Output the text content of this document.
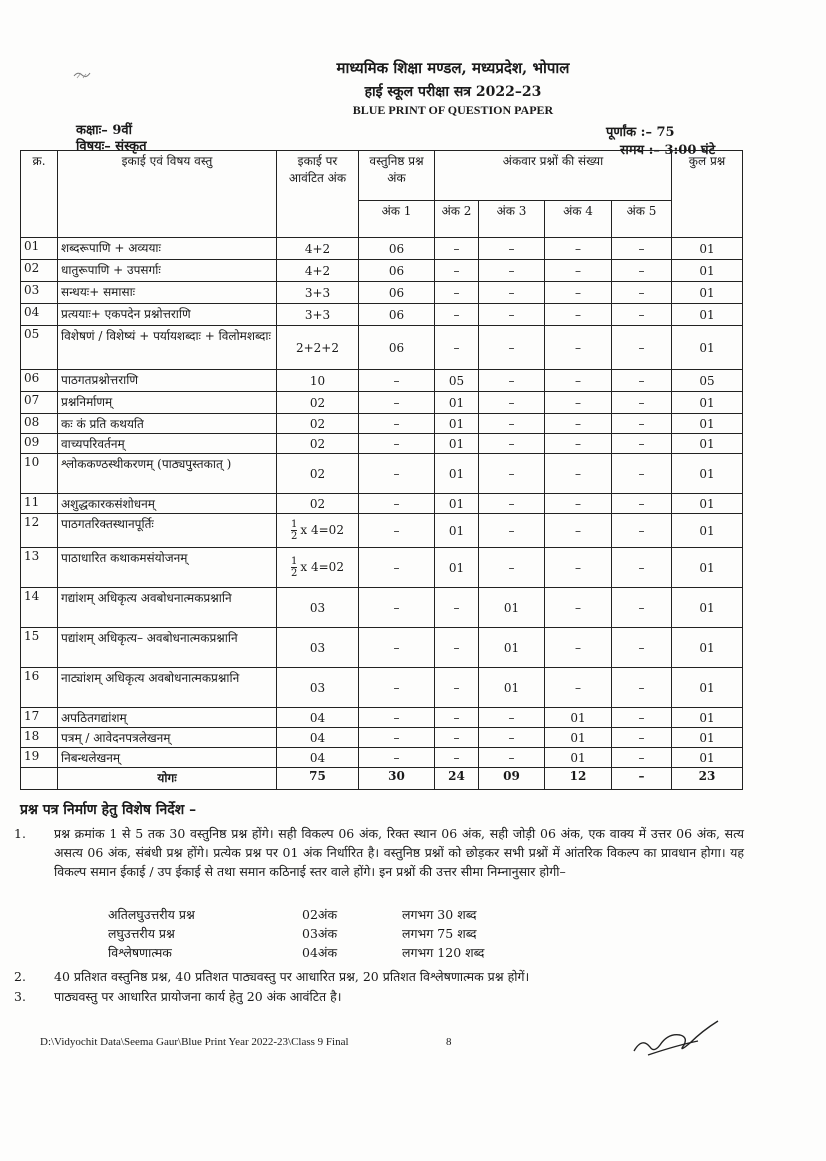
माध्यमिक शिक्षा मण्डल, मध्यप्रदेश, भोपाल
हाई स्कूल परीक्षा सत्र 2022–23
BLUE PRINT OF QUESTION PAPER
कक्षाः– 9वीं
विषयः– संस्कृत
पूर्णांक :– 75
समय :– 3:00 घंटे
क्र.	इकाई एवं विषय वस्तु	इकाई पर आवंटित अंक	वस्तुनिष्ठ प्रश्न अंक	अंकवार प्रश्नों की संख्या				कुल प्रश्न
			अंक 1	अंक 2	अंक 3	अंक 4	अंक 5	
01	शब्दरूपाणि + अव्ययाः	4+2	06	–	–	–	–	01
02	धातुरूपाणि + उपसर्गाः	4+2	06	–	–	–	–	01
03	सन्धयः+ समासाः	3+3	06	–	–	–	–	01
04	प्रत्ययाः+ एकपदेन प्रश्नोत्तराणि	3+3	06	–	–	–	–	01
05	विशेषणं / विशेष्यं + पर्यायशब्दाः + विलोमशब्दाः	2+2+2	06	–	–	–	–	01
06	पाठगतप्रश्नोत्तराणि	10	–	05	–	–	–	05
07	प्रश्ननिर्माणम्	02	–	01	–	–	–	01
08	कः कं प्रति कथयति	02	–	01	–	–	–	01
09	वाच्यपरिवर्तनम्	02	–	01	–	–	–	01
10	श्लोककण्ठस्थीकरणम् (पाठ्यपुस्तकात् )	02	–	01	–	–	–	01
11	अशुद्धकारकसंशोधनम्	02	–	01	–	–	–	01
12	पाठगतरिक्तस्थानपूर्तिः	$\frac{1}{2}$ x 4=02	–	01	–	–	–	01
13	पाठाधारित कथाकमसंयोजनम्	$\frac{1}{2}$ x 4=02	–	01	–	–	–	01
14	गद्यांशम् अधिकृत्य अवबोधनात्मकप्रश्नानि	03	–	–	01	–	–	01
15	पद्यांशम् अधिकृत्य– अवबोधनात्मकप्रश्नानि	03	–	–	01	–	–	01
16	नाट्यांशम् अधिकृत्य अवबोधनात्मकप्रश्नानि	03	–	–	01	–	–	01
17	अपठितगद्यांशम्	04	–	–	–	01	–	01
18	पत्रम् / आवेदनपत्रलेखनम्	04	–	–	–	01	–	01
19	निबन्धलेखनम्	04	–	–	–	01	–	01
	योगः	75	30	24	09	12	–	23
प्रश्न पत्र निर्माण हेतु विशेष निर्देश –
1. प्रश्न क्रमांक 1 से 5 तक 30 वस्तुनिष्ठ प्रश्न होंगे। सही विकल्प 06 अंक, रिक्त स्थान 06 अंक, सही जोड़ी 06 अंक, एक वाक्य में उत्तर 06 अंक, सत्य असत्य 06 अंक, संबंधी प्रश्न होंगे। प्रत्येक प्रश्न पर 01 अंक निर्धारित है। वस्तुनिष्ठ प्रश्नों को छोड़कर सभी प्रश्नों में आंतरिक विकल्प का प्रावधान होगा। यह विकल्प समान ईकाई / उप ईकाई से तथा समान कठिनाई स्तर वाले होंगे। इन प्रश्नों की उत्तर सीमा निम्नानुसार होगी–
अतिलघुउत्तरीय प्रश्न	02अंक	लगभग 30 शब्द
लघुउत्तरीय प्रश्न	03अंक	लगभग 75 शब्द
विश्लेषणात्मक	04अंक	लगभग 120 शब्द
2. 40 प्रतिशत वस्तुनिष्ठ प्रश्न, 40 प्रतिशत पाठ्यवस्तु पर आधारित प्रश्न, 20 प्रतिशत विश्लेषणात्मक प्रश्न होगें।
3. पाठ्यवस्तु पर आधारित प्रायोजना कार्य हेतु 20 अंक आवंटित है।
D:\Vidyochit Data\Seema Gaur\Blue Print Year 2022-23\Class 9 Final	8
